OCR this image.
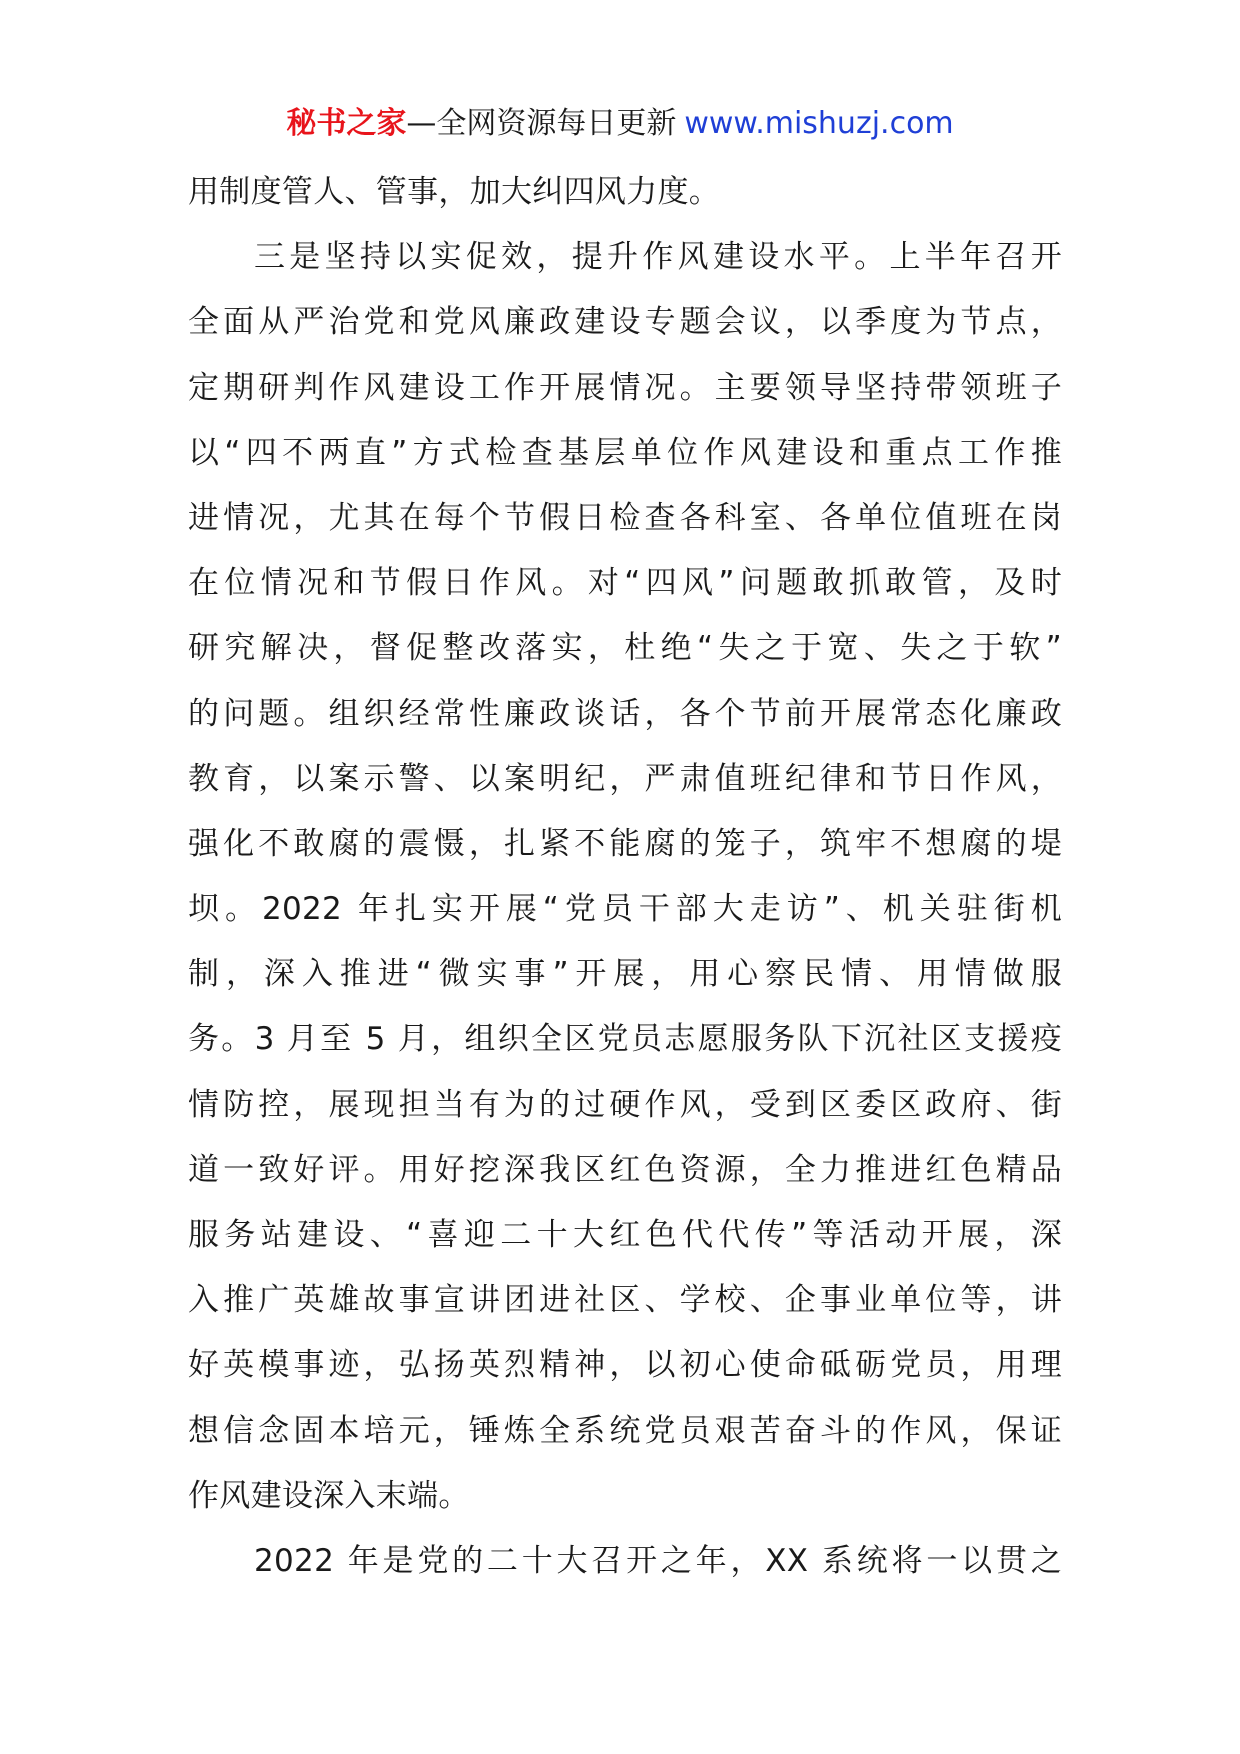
秘书之家—全网资源每日更新 www.mishuzj.com
用制度管人、管事，加大纠四风力度。
三是坚持以实促效，提升作风建设水平。上半年召开
全面从严治党和党风廉政建设专题会议，以季度为节点，
定期研判作风建设工作开展情况。主要领导坚持带领班子
以“四不两直”方式检查基层单位作风建设和重点工作推
进情况，尤其在每个节假日检查各科室、各单位值班在岗
在位情况和节假日作风。对“四风”问题敢抓敢管，及时
研究解决，督促整改落实，杜绝“失之于宽、失之于软”
的问题。组织经常性廉政谈话，各个节前开展常态化廉政
教育，以案示警、以案明纪，严肃值班纪律和节日作风，
强化不敢腐的震慑，扎紧不能腐的笼子，筑牢不想腐的堤
坝。2022 年扎实开展“党员干部大走访”、机关驻街机
制，深入推进“微实事”开展，用心察民情、用情做服
务。3 月至 5 月，组织全区党员志愿服务队下沉社区支援疫
情防控，展现担当有为的过硬作风，受到区委区政府、街
道一致好评。用好挖深我区红色资源，全力推进红色精品
服务站建设、“喜迎二十大红色代代传”等活动开展，深
入推广英雄故事宣讲团进社区、学校、企事业单位等，讲
好英模事迹，弘扬英烈精神，以初心使命砥砺党员，用理
想信念固本培元，锤炼全系统党员艰苦奋斗的作风，保证
作风建设深入末端。
2022 年是党的二十大召开之年，XX 系统将一以贯之
